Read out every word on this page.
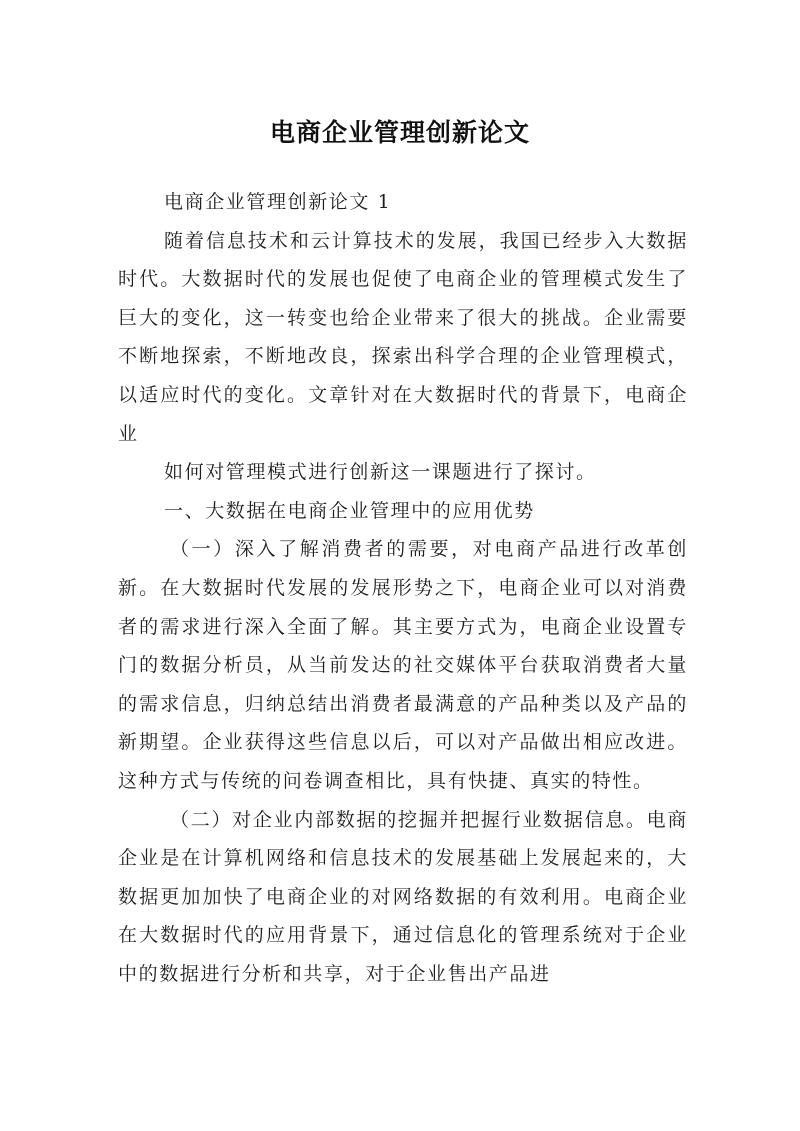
电商企业管理创新论文

电商企业管理创新论文 1

随着信息技术和云计算技术的发展，我国已经步入大数据时代。大数据时代的发展也促使了电商企业的管理模式发生了巨大的变化，这一转变也给企业带来了很大的挑战。企业需要不断地探索，不断地改良，探索出科学合理的企业管理模式，以适应时代的变化。文章针对在大数据时代的背景下，电商企业

如何对管理模式进行创新这一课题进行了探讨。

一、大数据在电商企业管理中的应用优势

（一）深入了解消费者的需要，对电商产品进行改革创新。在大数据时代发展的发展形势之下，电商企业可以对消费者的需求进行深入全面了解。其主要方式为，电商企业设置专门的数据分析员，从当前发达的社交媒体平台获取消费者大量的需求信息，归纳总结出消费者最满意的产品种类以及产品的新期望。企业获得这些信息以后，可以对产品做出相应改进。这种方式与传统的问卷调查相比，具有快捷、真实的特性。

（二）对企业内部数据的挖掘并把握行业数据信息。电商企业是在计算机网络和信息技术的发展基础上发展起来的，大数据更加加快了电商企业的对网络数据的有效利用。电商企业在大数据时代的应用背景下，通过信息化的管理系统对于企业中的数据进行分析和共享，对于企业售出产品进
